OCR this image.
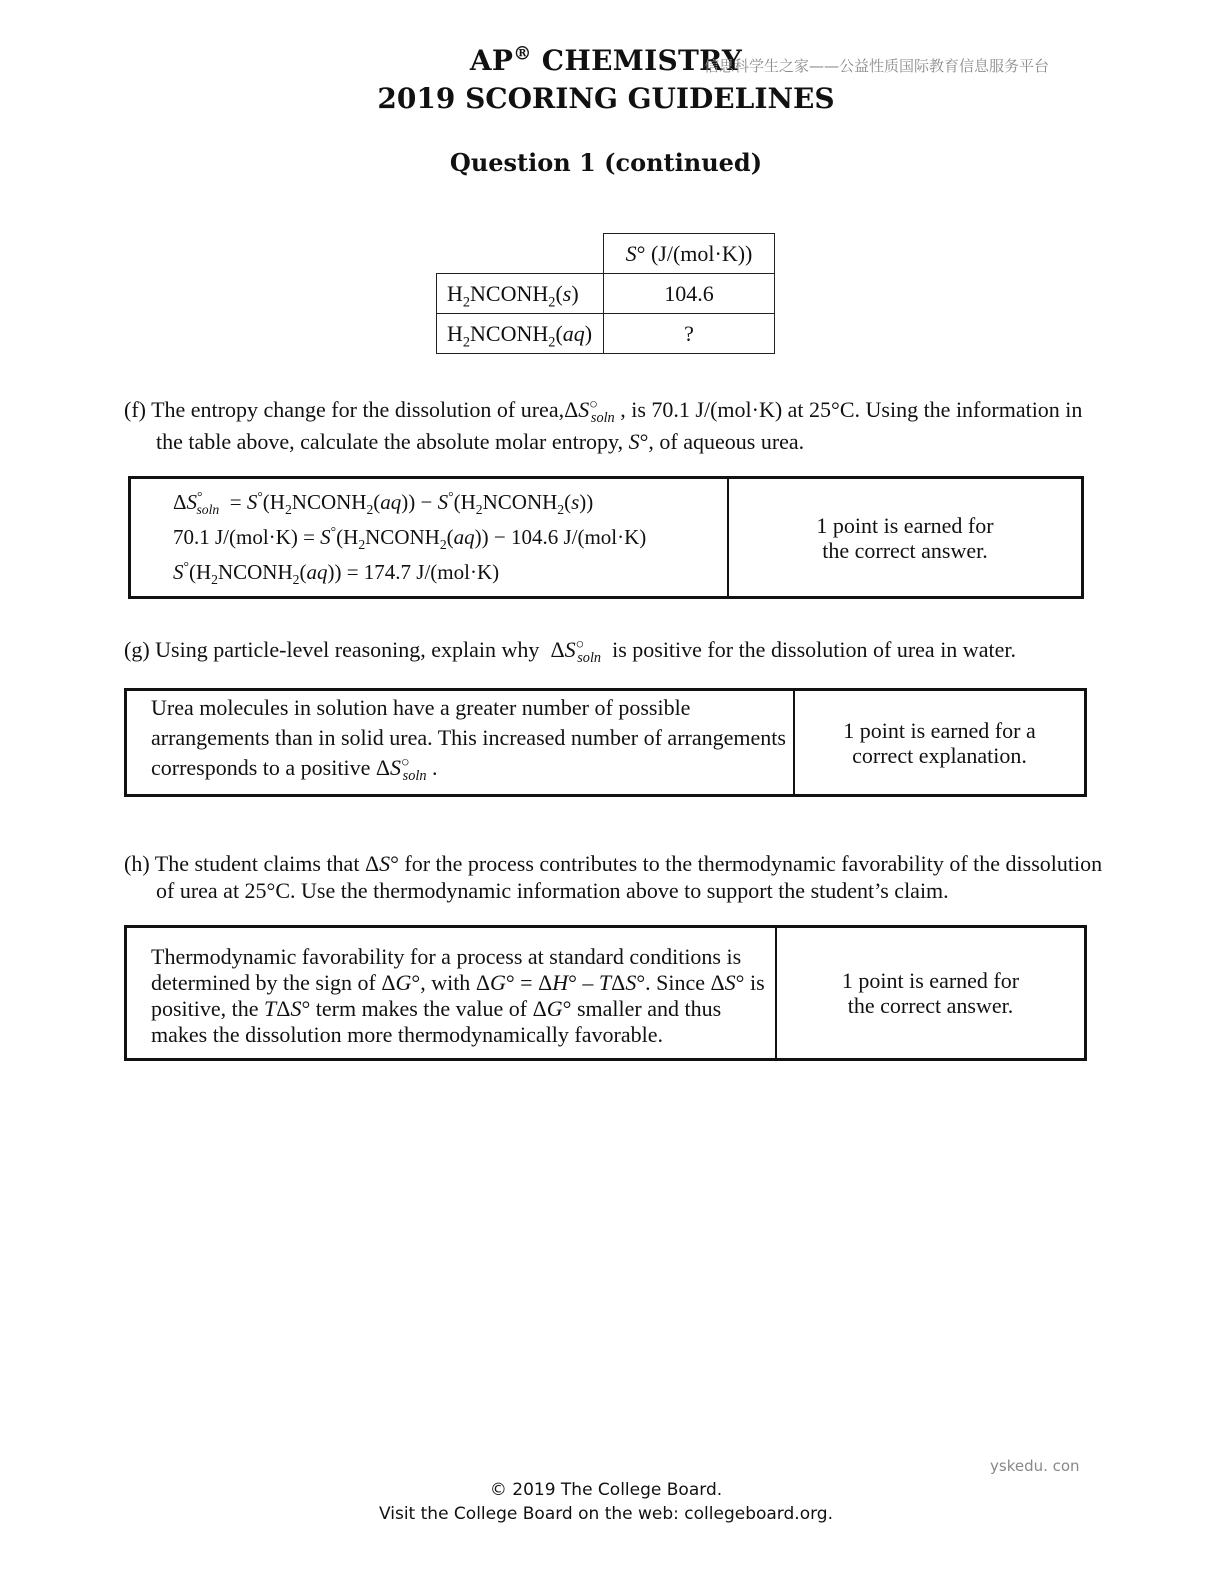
AP® CHEMISTRY
信思科学生之家——公益性质国际教育信息服务平台
2019 SCORING GUIDELINES
Question 1 (continued)
	S° (J/(mol·K))
$H_2NCONH_2(s)$	104.6
$H_2NCONH_2(aq)$	?
(f) The entropy change for the dissolution of $urea,\Delta S^○_{soln}$ , is 70.1 J/(mol·K) at 25°C. Using the information in
the table above, calculate the absolute molar entropy, S°, of aqueous urea.
$\Delta S^\circ_{soln}$  = $S^\circ(H_2NCONH_2(aq))$ − $S^\circ(H_2NCONH_2(s))$
70.1 $J/(mol\cdot K) = S^\circ(H_2NCONH_2(aq)) - 104.6$ J/(mol·K)
$S^\circ(H_2NCONH_2(aq)) = 174.7$ J/(mol·K)
1 point is earned for the correct answer.
(g) Using particle-level reasoning, explain why  $\Delta S^○_{soln}$ is positive for the dissolution of urea in water.
Urea molecules in solution have a greater number of possible
arrangements than in solid urea. This increased number of arrangements
corresponds to a positive $\Delta S^○_{soln}$ .
1 point is earned for a correct explanation.
(h) The student claims that ΔS° for the process contributes to the thermodynamic favorability of the dissolution
of urea at 25°C. Use the thermodynamic information above to support the student’s claim.
Thermodynamic favorability for a process at standard conditions is
determined by the sign of ΔG°, with ΔG° = ΔH° – TΔS°. Since ΔS° is
positive, the TΔS° term makes the value of ΔG° smaller and thus
makes the dissolution more thermodynamically favorable.
1 point is earned for the correct answer.
yskedu. con
© 2019 The College Board.
Visit the College Board on the web: collegeboard.org.
